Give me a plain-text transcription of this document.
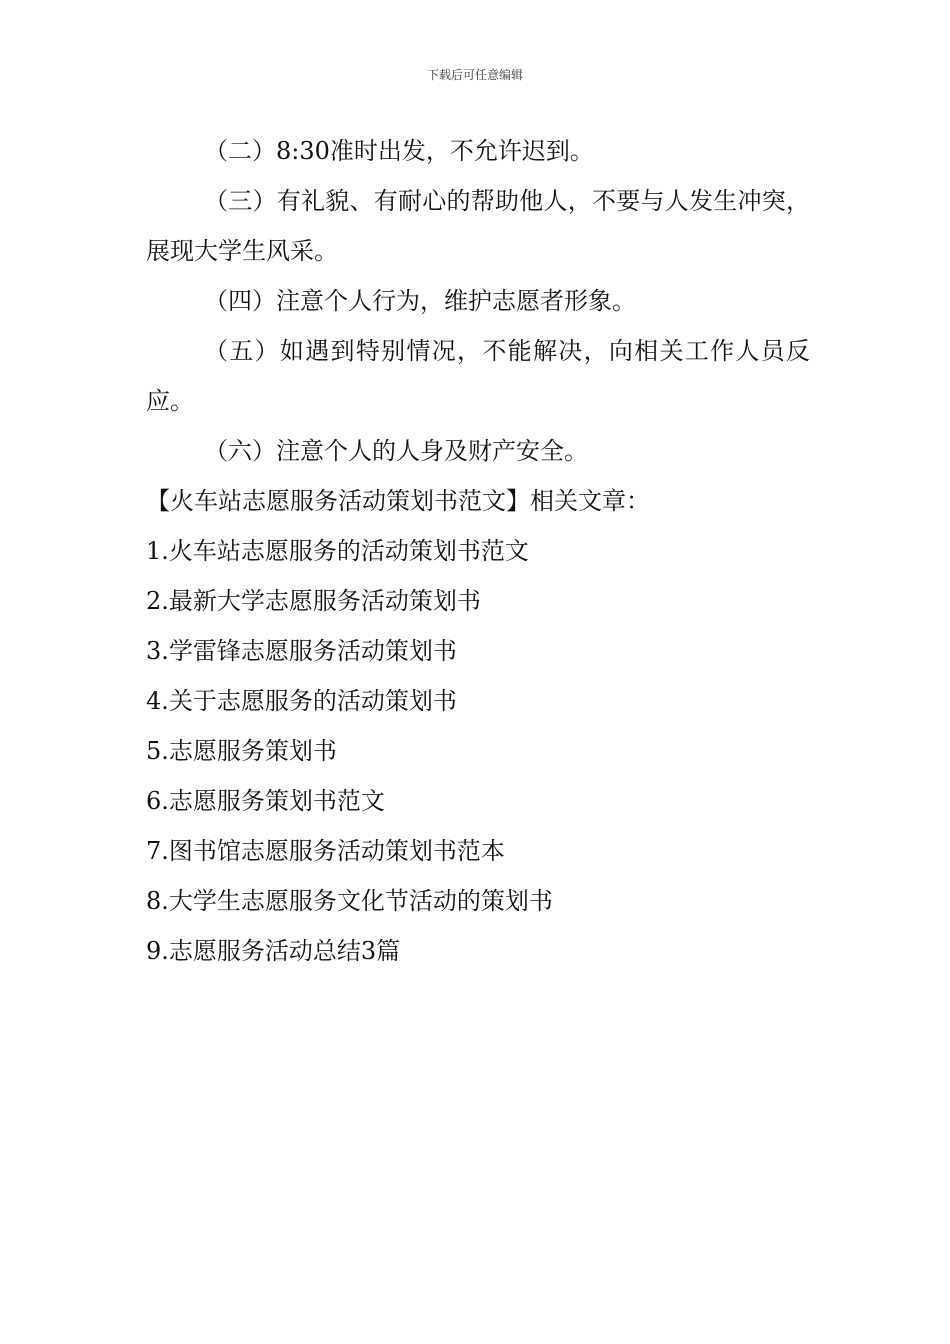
下载后可任意编辑

（二）8:30准时出发，不允许迟到。

（三）有礼貌、有耐心的帮助他人，不要与人发生冲突，展现大学生风采。

（四）注意个人行为，维护志愿者形象。

（五）如遇到特别情况，不能解决，向相关工作人员反应。

（六）注意个人的人身及财产安全。

【火车站志愿服务活动策划书范文】相关文章：

1.火车站志愿服务的活动策划书范文
2.最新大学志愿服务活动策划书
3.学雷锋志愿服务活动策划书
4.关于志愿服务的活动策划书
5.志愿服务策划书
6.志愿服务策划书范文
7.图书馆志愿服务活动策划书范本
8.大学生志愿服务文化节活动的策划书
9.志愿服务活动总结3篇
